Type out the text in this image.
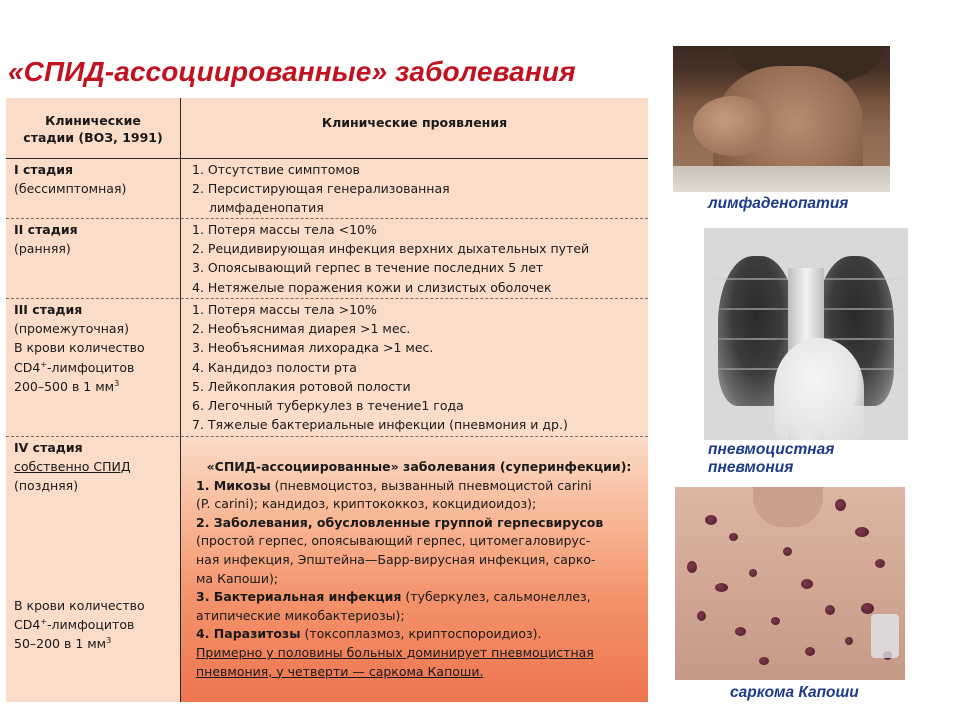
«СПИД-ассоциированные» заболевания
Клинические
стадии (ВОЗ, 1991)
Клинические проявления
I стадия
(бессимптомная)
1. Отсутствие симптомов
2. Персистирующая генерализованная
лимфаденопатия
II стадия
(ранняя)
1. Потеря массы тела <10%
2. Рецидивирующая инфекция верхних дыхательных путей
3. Опоясывающий герпес в течение последних 5 лет
4. Нетяжелые поражения кожи и слизистых оболочек
III стадия
(промежуточная)
В крови количество
CD4+-лимфоцитов
200–500 в 1 $мм^3$
1. Потеря массы тела >10%
2. Необъяснимая диарея >1 мес.
3. Необъяснимая лихорадка >1 мес.
4. Кандидоз полости рта
5. Лейкоплакия ротовой полости
6. Легочный туберкулез в течение1 года
7. Тяжелые бактериальные инфекции (пневмония и др.)
IV стадия
собственно СПИД
(поздняя)
В крови количество
CD4+-лимфоцитов
50–200 в 1 $мм^3$
«СПИД-ассоциированные» заболевания (суперинфекции):
1. Микозы (пневмоцистоз, вызванный пневмоцистой carini
(P. carini); кандидоз, криптококкоз, кокцидиоидоз);
2. Заболевания, обусловленные группой герпесвирусов
(простой герпес, опоясывающий герпес, цитомегаловирус-
ная инфекция, Эпштейна—Барр-вирусная инфекция, сарко-
ма Капоши);
3. Бактериальная инфекция (туберкулез, сальмонеллез,
атипические микобактериозы);
4. Паразитозы (токсоплазмоз, криптоспороидиоз).
Примерно у половины больных доминирует пневмоцистная
пневмония, у четверти — саркома Капоши.
лимфаденопатия
пневмоцистная
пневмония
саркома Капоши
